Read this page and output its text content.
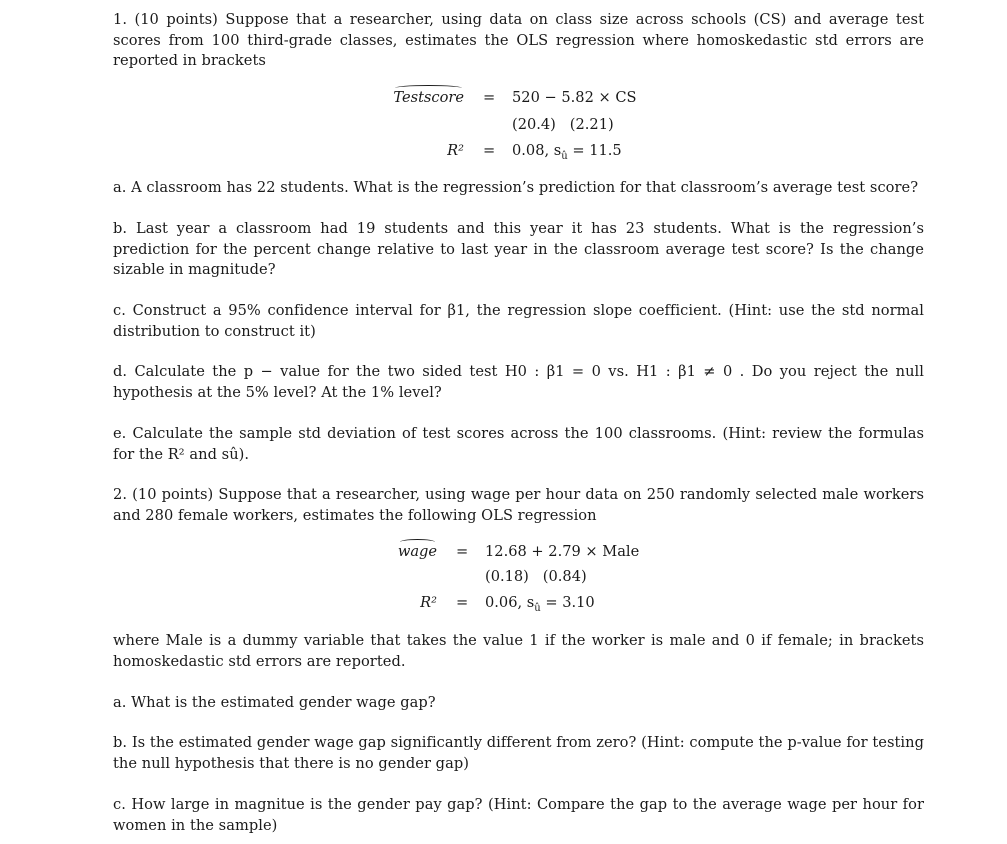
1. (10 points) Suppose that a researcher, using data on class size across schools (CS) and average test scores from 100 third-grade classes, estimates the OLS regression where homoskedastic std errors are reported in brackets

Testscore = 520 − 5.82 × CS
(20.4)   (2.21)
R² = 0.08, $s_û = 11.5$

a. A classroom has 22 students. What is the regression’s prediction for that classroom’s average test score?

b. Last year a classroom had 19 students and this year it has 23 students. What is the regression’s prediction for the percent change relative to last year in the classroom average test score? Is the change sizable in magnitude?

c. Construct a 95% confidence interval for β1, the regression slope coefficient. (Hint: use the std normal distribution to construct it)

d. Calculate the p − value for the two sided test H0 : β1 = 0 vs. H1 : β1 ≠ 0 . Do you reject the null hypothesis at the 5% level? At the 1% level?

e. Calculate the sample std deviation of test scores across the 100 classrooms. (Hint: review the formulas for the R² and sû).

2. (10 points) Suppose that a researcher, using wage per hour data on 250 randomly selected male workers and 280 female workers, estimates the following OLS regression

wage = 12.68 + 2.79 × Male
(0.18)   (0.84)
R² = 0.06, $s_û = 3.10$

where Male is a dummy variable that takes the value 1 if the worker is male and 0 if female; in brackets homoskedastic std errors are reported.

a. What is the estimated gender wage gap?

b. Is the estimated gender wage gap significantly different from zero? (Hint: compute the p-value for testing the null hypothesis that there is no gender gap)

c. How large in magnitue is the gender pay gap? (Hint: Compare the gap to the average wage per hour for women in the sample)
